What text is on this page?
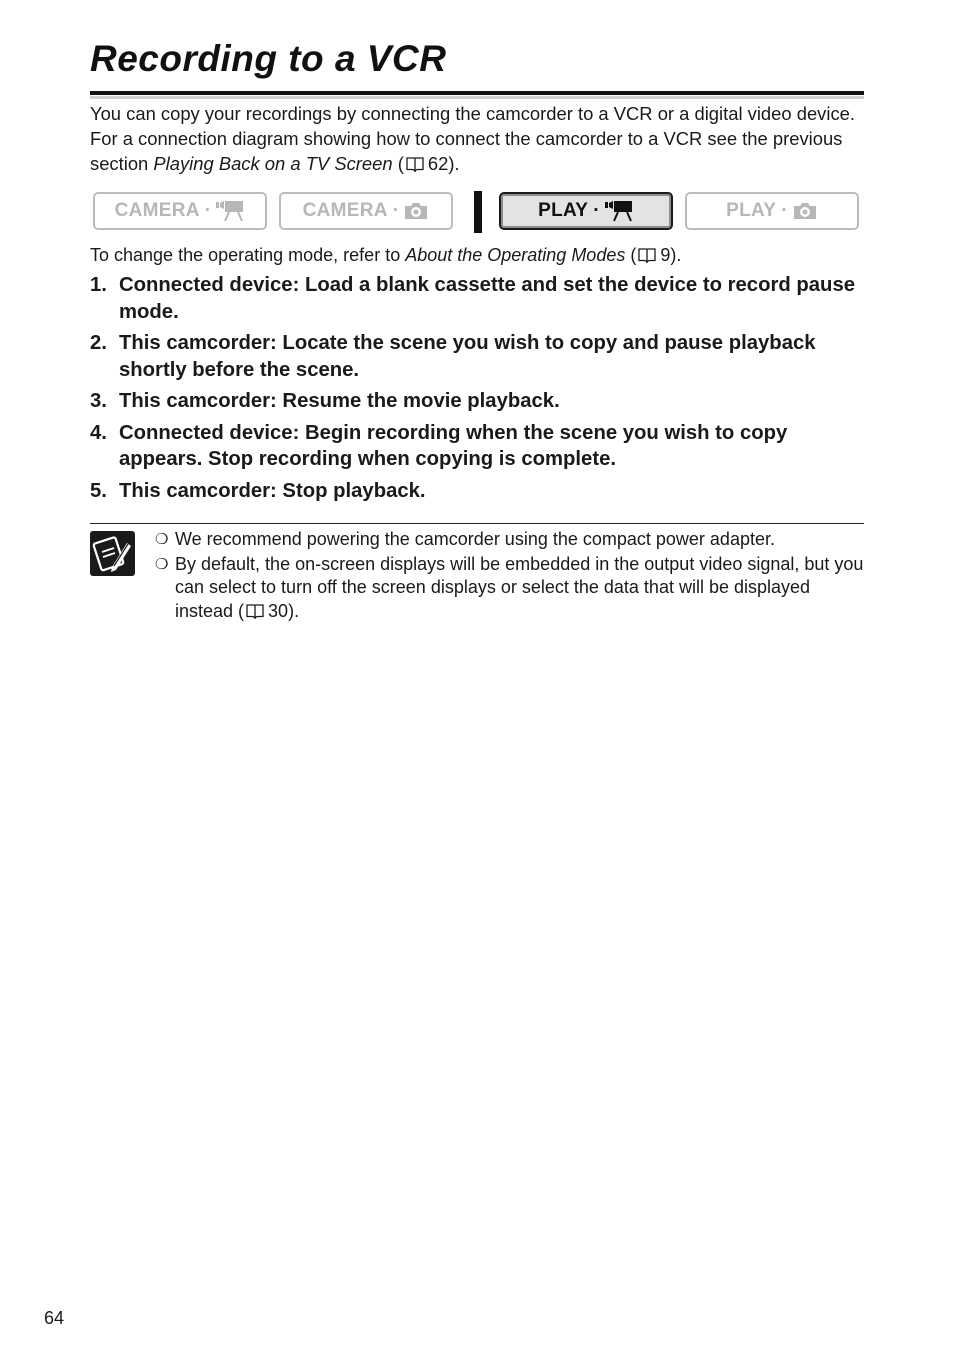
Recording to a VCR

You can copy your recordings by connecting the camcorder to a VCR or a digital video device. For a connection diagram showing how to connect the camcorder to a VCR see the previous section Playing Back on a TV Screen ( 62).

CAMERA ·	CAMERA ·	PLAY ·	PLAY ·

To change the operating mode, refer to About the Operating Modes ( 9).

1. Connected device: Load a blank cassette and set the device to record pause mode.
2. This camcorder: Locate the scene you wish to copy and pause playback shortly before the scene.
3. This camcorder: Resume the movie playback.
4. Connected device: Begin recording when the scene you wish to copy appears. Stop recording when copying is complete.
5. This camcorder: Stop playback.
❍ We recommend powering the camcorder using the compact power adapter.
❍ By default, the on-screen displays will be embedded in the output video signal, but you can select to turn off the screen displays or select the data that will be displayed instead ( 30).
64
